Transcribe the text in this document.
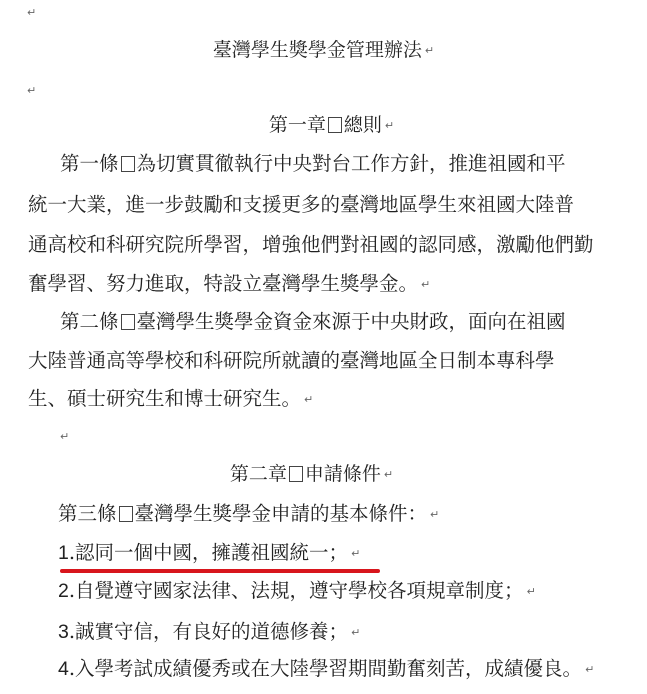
↵
臺灣學生獎學金管理辦法 ↵
↵
第一章 總則 ↵
第一條 為切實貫徹執行中央對台工作方針，推進祖國和平
統一大業，進一步鼓勵和支援更多的臺灣地區學生來祖國大陸普
通高校和科研究院所學習，增強他們對祖國的認同感，激勵他們勤
奮學習、努力進取，特設立臺灣學生獎學金。 ↵
第二條 臺灣學生獎學金資金來源于中央財政，面向在祖國
大陸普通高等學校和科研院所就讀的臺灣地區全日制本專科學
生、碩士研究生和博士研究生。 ↵
↵
第二章 申請條件 ↵
第三條 臺灣學生獎學金申請的基本條件： ↵
1.認同一個中國，擁護祖國統一； ↵
2.自覺遵守國家法律、法規，遵守學校各項規章制度； ↵
3.誠實守信，有良好的道德修養； ↵
4.入學考試成績優秀或在大陸學習期間勤奮刻苦，成績優良。 ↵
